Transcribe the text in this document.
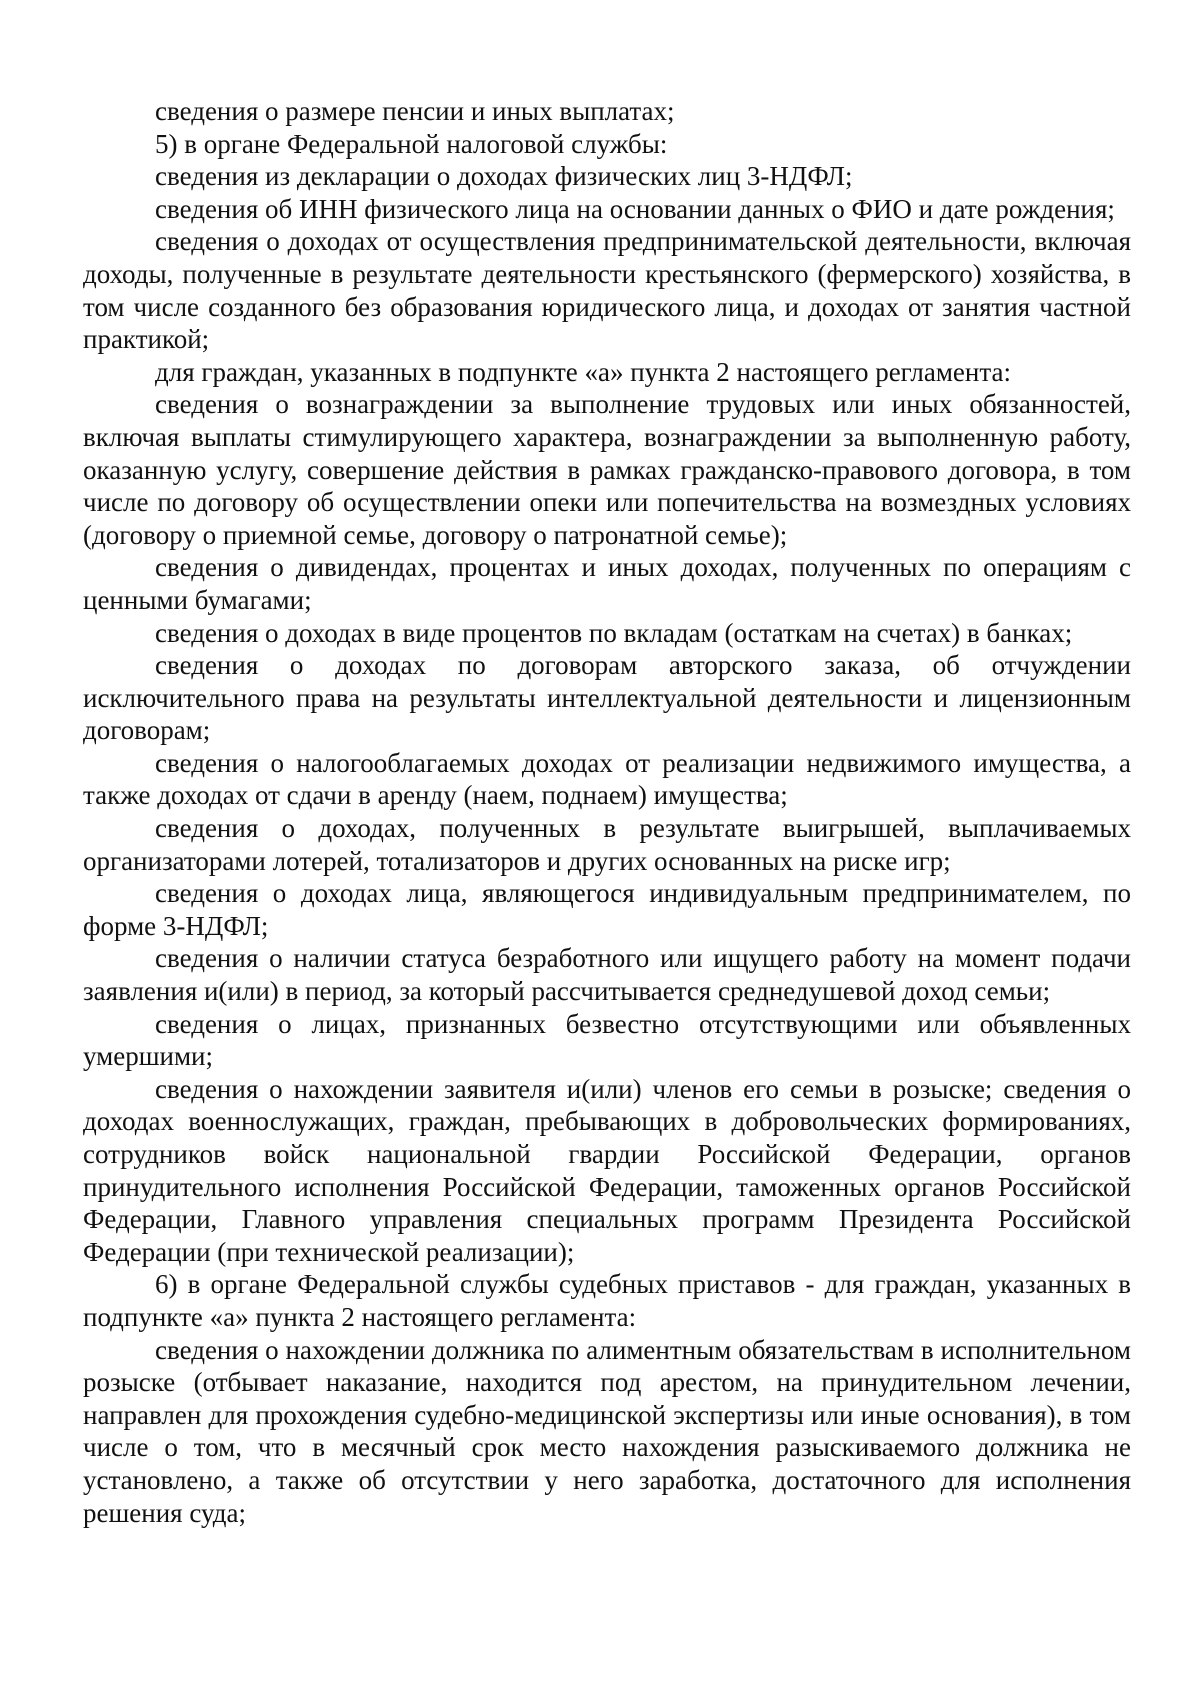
сведения о размере пенсии и иных выплатах;

5) в органе Федеральной налоговой службы:

сведения из декларации о доходах физических лиц 3-НДФЛ;

сведения об ИНН физического лица на основании данных о ФИО и дате рождения;

сведения о доходах от осуществления предпринимательской деятельности, включая доходы, полученные в результате деятельности крестьянского (фермерского) хозяйства, в том числе созданного без образования юридического лица, и доходах от занятия частной практикой;

для граждан, указанных в подпункте «а» пункта 2 настоящего регламента:

сведения о вознаграждении за выполнение трудовых или иных обязанностей, включая выплаты стимулирующего характера, вознаграждении за выполненную работу, оказанную услугу, совершение действия в рамках гражданско-правового договора, в том числе по договору об осуществлении опеки или попечительства на возмездных условиях (договору о приемной семье, договору о патронатной семье);

сведения о дивидендах, процентах и иных доходах, полученных по операциям с ценными бумагами;

сведения о доходах в виде процентов по вкладам (остаткам на счетах) в банках;

сведения о доходах по договорам авторского заказа, об отчуждении исключительного права на результаты интеллектуальной деятельности и лицензионным договорам;

сведения о налогооблагаемых доходах от реализации недвижимого имущества, а также доходах от сдачи в аренду (наем, поднаем) имущества;

сведения о доходах, полученных в результате выигрышей, выплачиваемых организаторами лотерей, тотализаторов и других основанных на риске игр;

сведения о доходах лица, являющегося индивидуальным предпринимателем, по форме 3-НДФЛ;

сведения о наличии статуса безработного или ищущего работу на момент подачи заявления и(или) в период, за который рассчитывается среднедушевой доход семьи;

сведения о лицах, признанных безвестно отсутствующими или объявленных умершими;

сведения о нахождении заявителя и(или) членов его семьи в розыске; сведения о доходах военнослужащих, граждан, пребывающих в добровольческих формированиях, сотрудников войск национальной гвардии Российской Федерации, органов принудительного исполнения Российской Федерации, таможенных органов Российской Федерации, Главного управления специальных программ Президента Российской Федерации (при технической реализации);

6) в органе Федеральной службы судебных приставов - для граждан, указанных в подпункте «а» пункта 2 настоящего регламента:

сведения о нахождении должника по алиментным обязательствам в исполнительном розыске (отбывает наказание, находится под арестом, на принудительном лечении, направлен для прохождения судебно-медицинской экспертизы или иные основания), в том числе о том, что в месячный срок место нахождения разыскиваемого должника не установлено, а также об отсутствии у него заработка, достаточного для исполнения решения суда;
